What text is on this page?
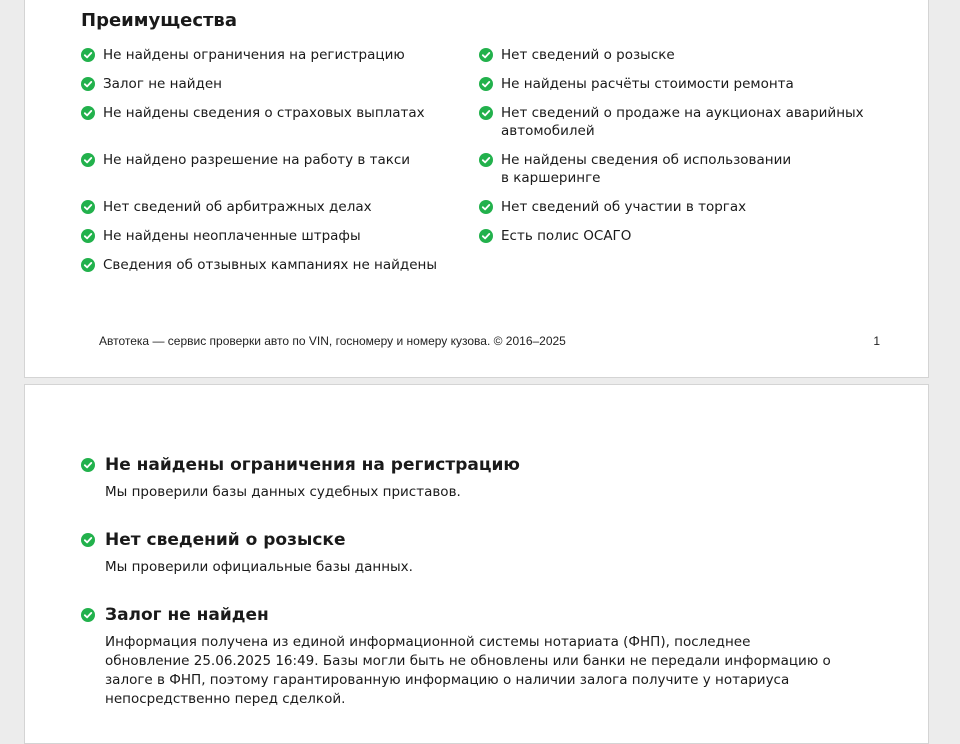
Преимущества
Не найдены ограничения на регистрацию
Залог не найден
Не найдены сведения о страховых выплатах
Не найдено разрешение на работу в такси
Нет сведений об арбитражных делах
Не найдены неоплаченные штрафы
Сведения об отзывных кампаниях не найдены
Нет сведений о розыске
Не найдены расчёты стоимости ремонта
Нет сведений о продаже на аукционах аварийных
автомобилей
Не найдены сведения об использовании
в каршеринге
Нет сведений об участии в торгах
Есть полис ОСАГО
Автотека — сервис проверки авто по VIN, госномеру и номеру кузова. © 2016–2025	1
Не найдены ограничения на регистрацию

Мы проверили базы данных судебных приставов.

Нет сведений о розыске

Мы проверили официальные базы данных.

Залог не найден

Информация получена из единой информационной системы нотариата (ФНП), последнее
обновление 25.06.2025 16:49. Базы могли быть не обновлены или банки не передали информацию о
залоге в ФНП, поэтому гарантированную информацию о наличии залога получите у нотариуса
непосредственно перед сделкой.
